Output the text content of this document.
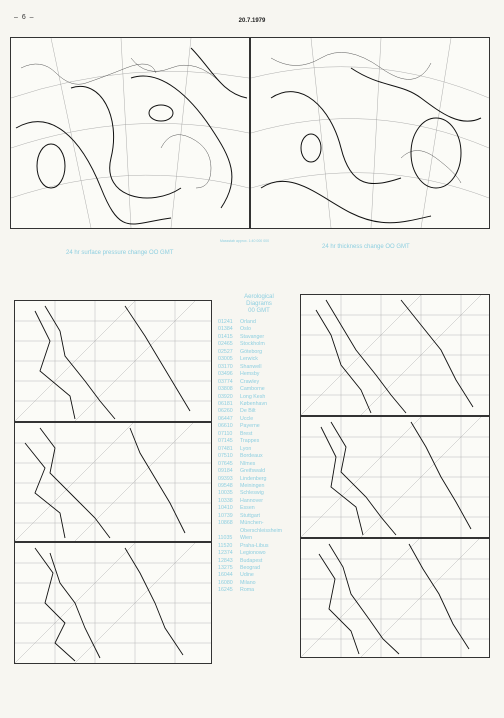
– 6 –	20.7.1979
Massstab approx. 1:40 000 000
24 hr surface pressure change OO GMT
24 hr thickness change OO GMT
Aerological
Diagrams
00 GMT
01241 Orland
01384 Oslo
01415 Stavanger
02465 Stockholm
02527 Göteborg
03005 Lerwick
03170 Shanwell
03496 Hemsby
03774 Crawley
03808 Camborne
03920 Long Kesh
06181 København
06260 De Bilt
06447 Uccle
06610 Payerne
07110 Brest
07145 Trappes
07481 Lyon
07510 Bordeaux
07645 Nîmes
09184 Greifswald
09393 Lindenberg
09548 Meiningen
10035 Schleswig
10338 Hannover
10410 Essen
10739 Stuttgart
10868 München-
Oberschleissheim
11035 Wien
11520 Praha-Libus
12374 Legionowo
12843 Budapest
13275 Beograd
16044 Udine
16080 Milano
16245 Roma
